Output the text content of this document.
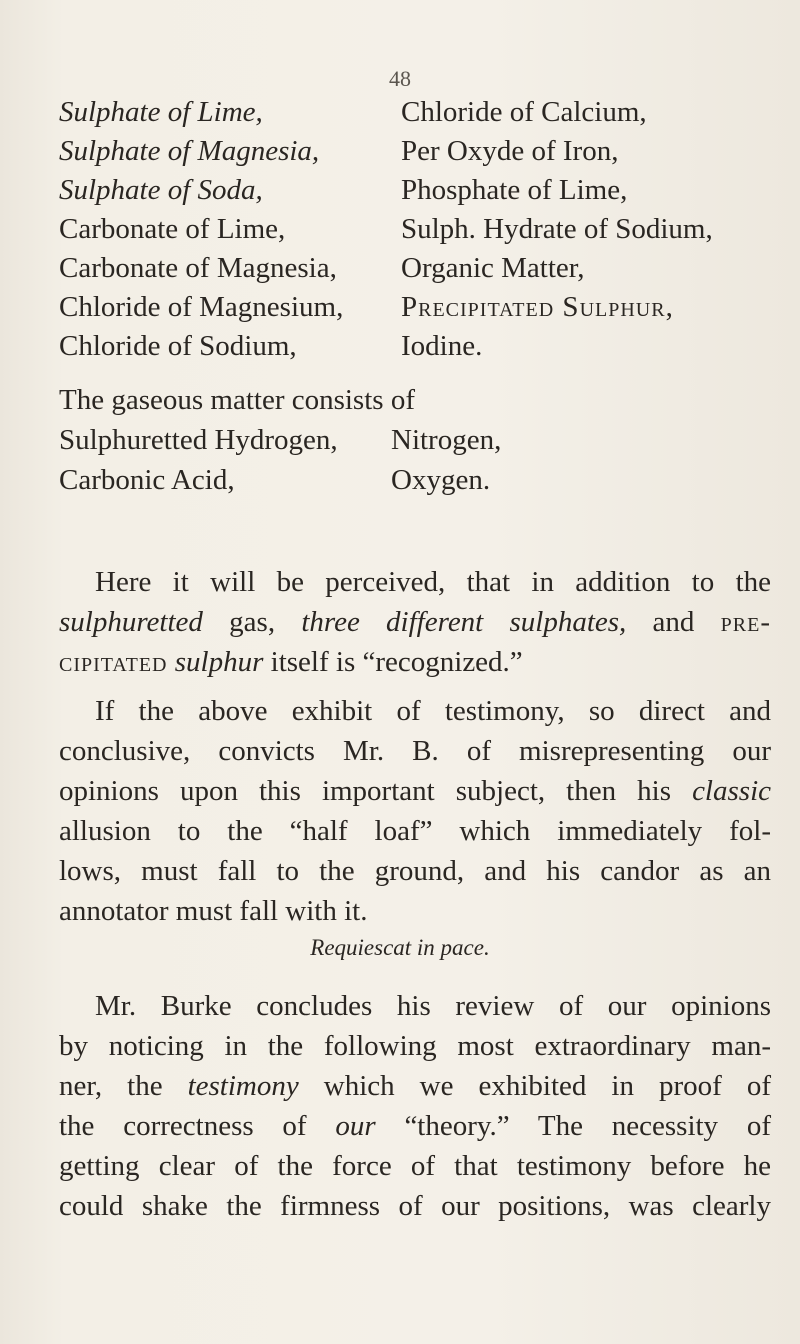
48
Sulphate of Lime,	Chloride of Calcium,
Sulphate of Magnesia,	Per Oxyde of Iron,
Sulphate of Soda,	Phosphate of Lime,
Carbonate of Lime,	Sulph. Hydrate of Sodium,
Carbonate of Magnesia,	Organic Matter,
Chloride of Magnesium,	Precipitated Sulphur,
Chloride of Sodium,	Iodine.
The gaseous matter consists of
Sulphuretted Hydrogen,	Nitrogen,
Carbonic Acid,	Oxygen.
Here it will be perceived, that in addition to the
sulphuretted gas, three different sulphates, and pre-
cipitated sulphur itself is “recognized.”
If the above exhibit of testimony, so direct and
conclusive, convicts Mr. B. of misrepresenting our
opinions upon this important subject, then his classic
allusion to the “half loaf” which immediately fol-
lows, must fall to the ground, and his candor as an
annotator must fall with it.
Requiescat in pace.
Mr. Burke concludes his review of our opinions
by noticing in the following most extraordinary man-
ner, the testimony which we exhibited in proof of
the correctness of our “theory.” The necessity of
getting clear of the force of that testimony before he
could shake the firmness of our positions, was clearly
